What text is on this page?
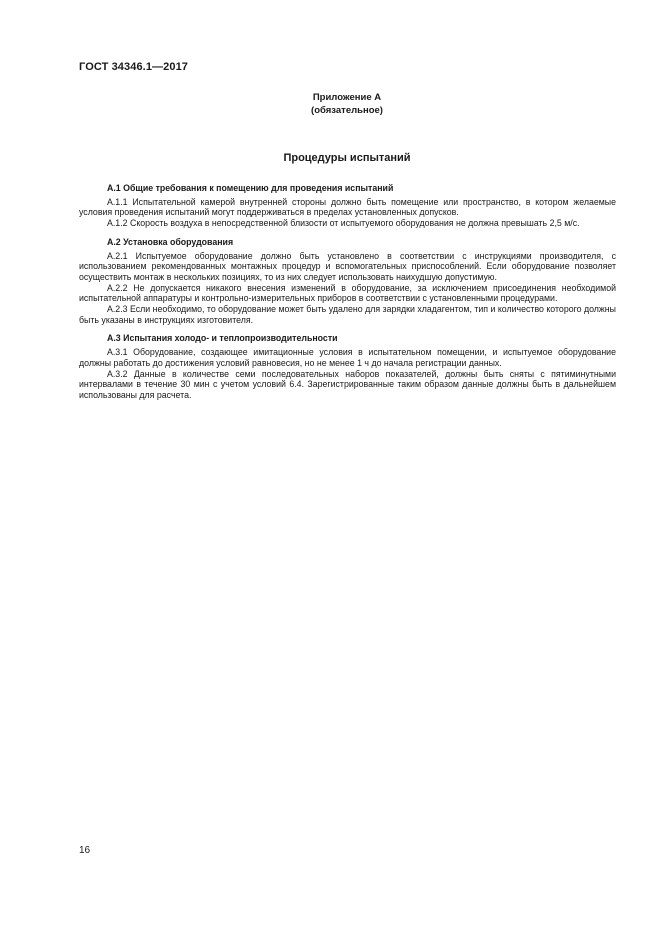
ГОСТ 34346.1—2017
Приложение А
(обязательное)
Процедуры испытаний

А.1 Общие требования к помещению для проведения испытаний

А.1.1 Испытательной камерой внутренней стороны должно быть помещение или пространство, в котором желаемые условия проведения испытаний могут поддерживаться в пределах установленных допусков.

А.1.2 Скорость воздуха в непосредственной близости от испытуемого оборудования не должна превышать 2,5 м/с.

А.2 Установка оборудования

А.2.1 Испытуемое оборудование должно быть установлено в соответствии с инструкциями производителя, с использованием рекомендованных монтажных процедур и вспомогательных приспособлений. Если оборудование позволяет осуществить монтаж в нескольких позициях, то из них следует использовать наихудшую допустимую.

А.2.2 Не допускается никакого внесения изменений в оборудование, за исключением присоединения необходимой испытательной аппаратуры и контрольно-измерительных приборов в соответствии с установленными процедурами.

А.2.3 Если необходимо, то оборудование может быть удалено для зарядки хладагентом, тип и количество которого должны быть указаны в инструкциях изготовителя.

А.3 Испытания холодо- и теплопроизводительности

А.3.1 Оборудование, создающее имитационные условия в испытательном помещении, и испытуемое оборудование должны работать до достижения условий равновесия, но не менее 1 ч до начала регистрации данных.

А.3.2 Данные в количестве семи последовательных наборов показателей, должны быть сняты с пятиминутными интервалами в течение 30 мин с учетом условий 6.4. Зарегистрированные таким образом данные должны быть в дальнейшем использованы для расчета.

16
